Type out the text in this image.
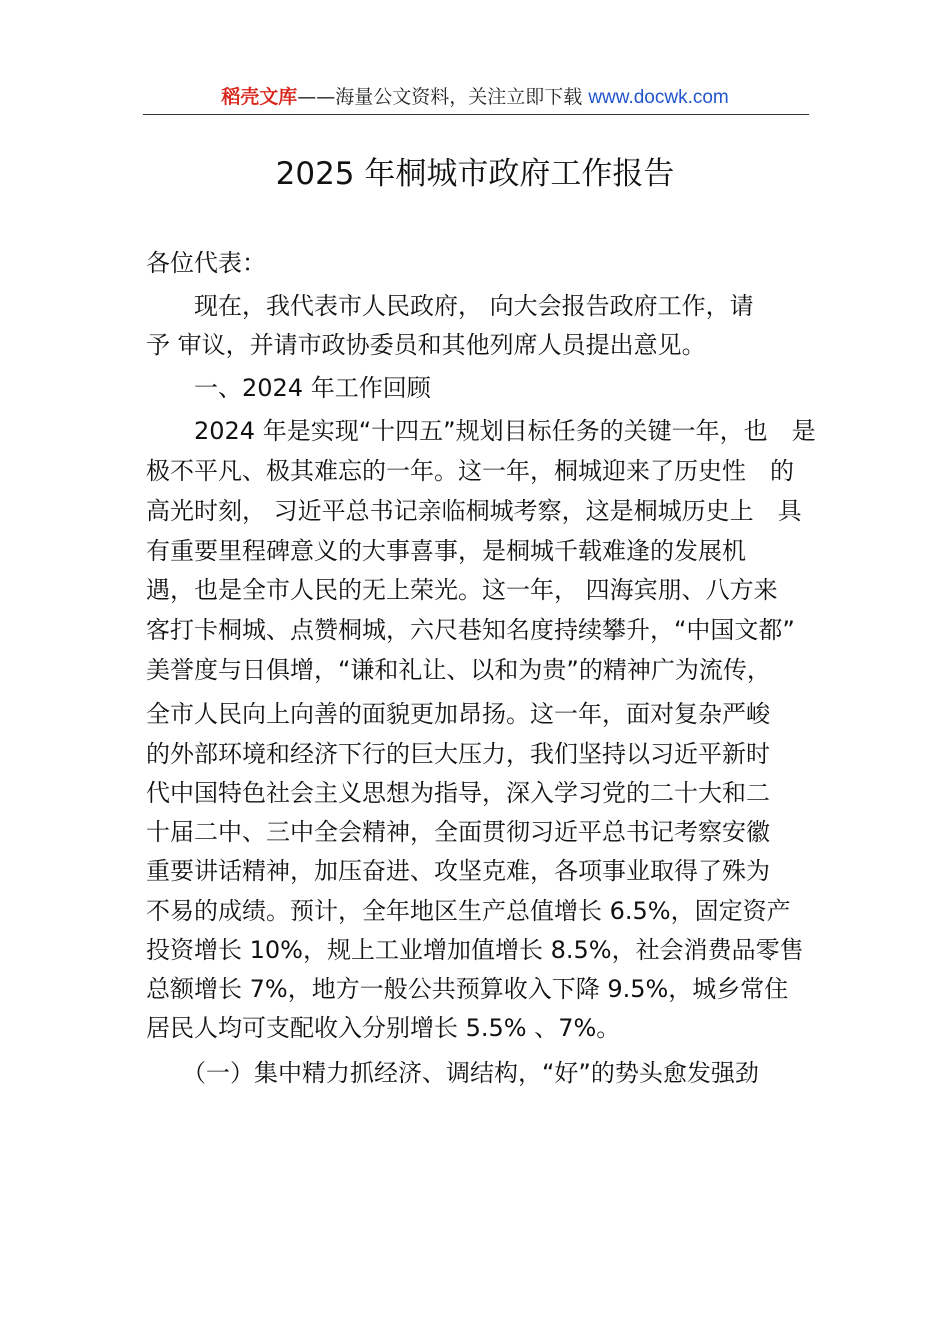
稻壳文库——海量公文资料，关注立即下载 www.docwk.com
2025 年桐城市政府工作报告
各位代表：
　　现在，我代表市人民政府， 向大会报告政府工作，请
予 审议，并请市政协委员和其他列席人员提出意见。
　　一、2024 年工作回顾
　　2024 年是实现“十四五”规划目标任务的关键一年，也　是
极不平凡、极其难忘的一年。这一年，桐城迎来了历史性　的
高光时刻， 习近平总书记亲临桐城考察，这是桐城历史上　具
有重要里程碑意义的大事喜事，是桐城千载难逢的发展机
遇，也是全市人民的无上荣光。这一年， 四海宾朋、八方来
客打卡桐城、点赞桐城，六尺巷知名度持续攀升，“中国文都”
美誉度与日俱增，“谦和礼让、以和为贵”的精神广为流传，
全市人民向上向善的面貌更加昂扬。这一年，面对复杂严峻
的外部环境和经济下行的巨大压力，我们坚持以习近平新时
代中国特色社会主义思想为指导，深入学习党的二十大和二
十届二中、三中全会精神，全面贯彻习近平总书记考察安徽
重要讲话精神，加压奋进、攻坚克难，各项事业取得了殊为
不易的成绩。预计，全年地区生产总值增长 6.5%，固定资产
投资增长 10%，规上工业增加值增长 8.5%，社会消费品零售
总额增长 7%，地方一般公共预算收入下降 9.5%，城乡常住
居民人均可支配收入分别增长 5.5% 、7%。
　　（一）集中精力抓经济、调结构，“好”的势头愈发强劲
